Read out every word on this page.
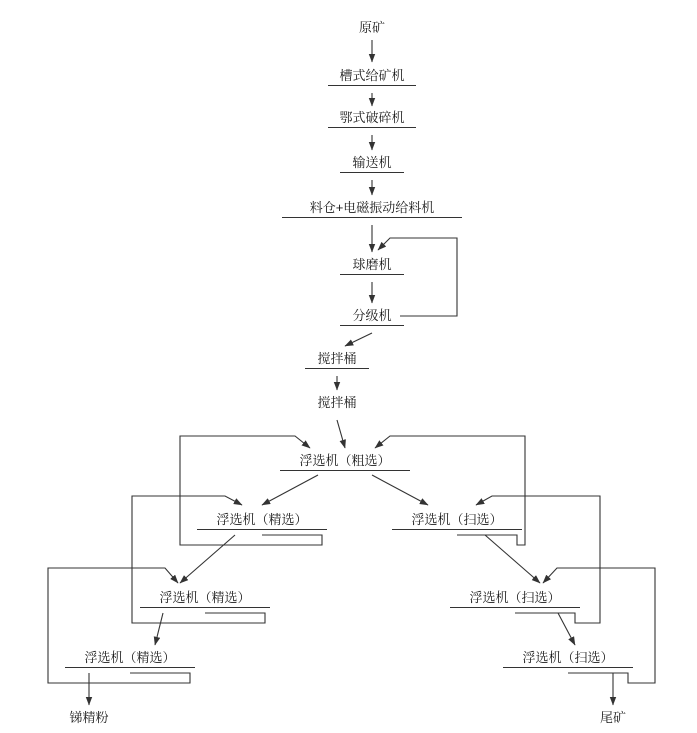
原矿
槽式给矿机
鄂式破碎机
输送机
料仓+电磁振动给料机
球磨机
分级机
搅拌桶
搅拌桶
浮选机（粗选）
浮选机（精选）	浮选机（扫选）
浮选机（精选）	浮选机（扫选）
浮选机（精选）	浮选机（扫选）
锑精粉	尾矿
